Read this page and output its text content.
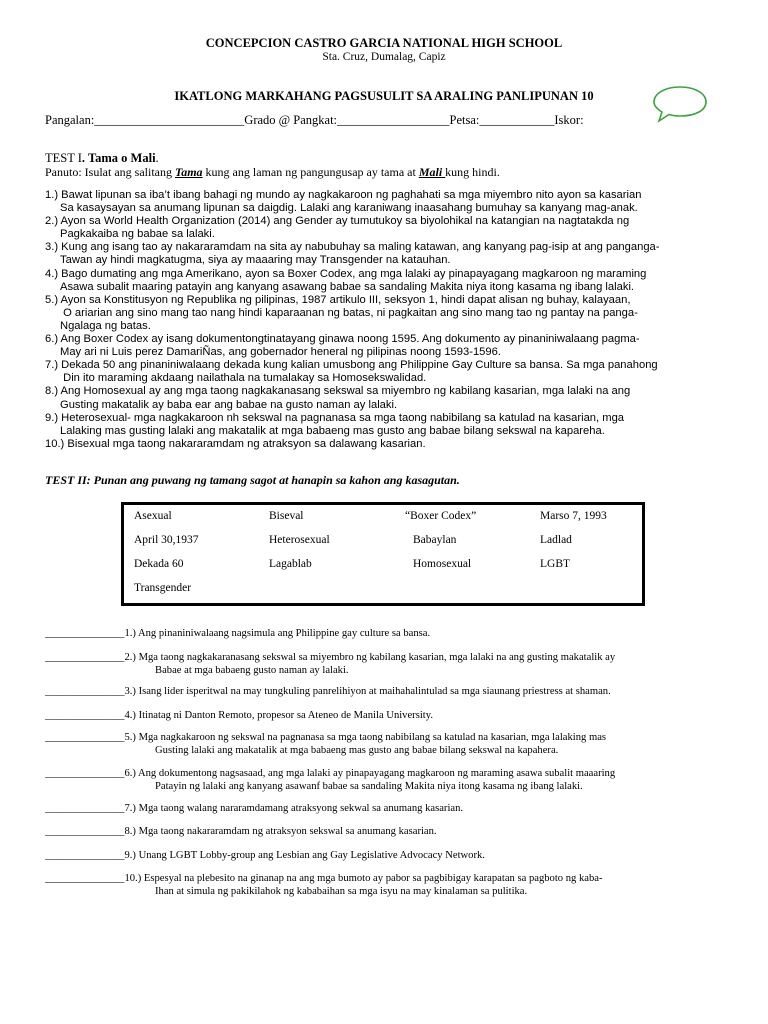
CONCEPCION CASTRO GARCIA NATIONAL HIGH SCHOOL
Sta. Cruz, Dumalag, Capiz
IKATLONG MARKAHANG PAGSUSULIT SA ARALING PANLIPUNAN 10
Pangalan:________________________Grado @ Pangkat:__________________Petsa:____________Iskor:
TEST I. Tama o Mali.
Panuto: Isulat ang salitang Tama kung ang laman ng pangungusap ay tama at Mali kung hindi.

1.) Bawat lipunan sa iba’t ibang bahagi ng mundo ay nagkakaroon ng paghahati sa mga miyembro nito ayon sa kasarian
Sa kasaysayan sa anumang lipunan sa daigdig. Lalaki ang karaniwang inaasahang bumuhay sa kanyang mag-anak.

2.) Ayon sa World Health Organization (2014) ang Gender ay tumutukoy sa biyolohikal na katangian na nagtatakda ng
Pagkakaiba ng babae sa lalaki.

3.) Kung ang isang tao ay nakararamdam na sita ay nabubuhay sa maling katawan, ang kanyang pag-isip at ang panganga-
Tawan ay hindi magkatugma, siya ay maaaring may Transgender na katauhan.

4.) Bago dumating ang mga Amerikano, ayon sa Boxer Codex, ang mga lalaki ay pinapayagang magkaroon ng maraming
Asawa subalit maaring patayin ang kanyang asawang babae sa sandaling Makita niya itong kasama ng ibang lalaki.

5.) Ayon sa Konstitusyon ng Republika ng pilipinas, 1987 artikulo III, seksyon 1, hindi dapat alisan ng buhay, kalayaan,
O ariarian ang sino mang tao nang hindi kaparaanan ng batas, ni pagkaitan ang sino mang tao ng pantay na panga-
Ngalaga ng batas.

6.) Ang Boxer Codex ay isang dokumentongtinatayang ginawa noong 1595. Ang dokumento ay pinaniniwalaang pagma-
May ari ni Luis perez DamariÑas, ang gobernador heneral ng pilipinas noong 1593-1596.

7.) Dekada 50 ang pinaniniwalaang dekada kung kalian umusbong ang Philippine Gay Culture sa bansa. Sa mga panahong
Din ito maraming akdaang nailathala na tumalakay sa Homosekswalidad.

8.) Ang Homosexual ay ang mga taong nagkakanasang sekswal sa miyembro ng kabilang kasarian, mga lalaki na ang
Gusting makatalik ay baba ear ang babae na gusto naman ay lalaki.

9.) Heterosexual- mga nagkakaroon nh sekswal na pagnanasa sa mga taong nabibilang sa katulad na kasarian, mga
Lalaking mas gusting lalaki ang makatalik at mga babaeng mas gusto ang babae bilang sekswal na kapareha.

10.) Bisexual mga taong nakararamdam ng atraksyon sa dalawang kasarian.

TEST II: Punan ang puwang ng tamang sagot at hanapin sa kahon ang kasagutan.
Asexual	Biseval	“Boxer Codex”	Marso 7, 1993
April 30,1937	Heterosexual	Babaylan	Ladlad
Dekada 60	Lagablab	Homosexual	LGBT
Transgender
_______________1.) Ang pinaniniwalaang nagsimula ang Philippine gay culture sa bansa.
_______________2.) Mga taong nagkakaranasang sekswal sa miyembro ng kabilang kasarian, mga lalaki na ang gusting makatalik ay
Babae at mga babaeng gusto naman ay lalaki.
_______________3.) Isang lider isperitwal na may tungkuling panrelihiyon at maihahalintulad sa mga siaunang priestress at shaman.
_______________4.) Itinatag ni Danton Remoto, propesor sa Ateneo de Manila University.
_______________5.) Mga nagkakaroon ng sekswal na pagnanasa sa mga taong nabibilang sa katulad na kasarian, mga lalaking mas
Gusting lalaki ang makatalik at mga babaeng mas gusto ang babae bilang sekswal na kapahera.
_______________6.) Ang dokumentong nagsasaad, ang mga lalaki ay pinapayagang magkaroon ng maraming asawa subalit maaaring
Patayin ng lalaki ang kanyang asawanf babae sa sandaling Makita niya itong kasama ng ibang lalaki.
_______________7.) Mga taong walang nararamdamang atraksyong sekwal sa anumang kasarian.
_______________8.) Mga taong nakararamdam ng atraksyon sekswal sa anumang kasarian.
_______________9.) Unang LGBT Lobby-group ang Lesbian ang Gay Legislative Advocacy Network.
_______________10.) Espesyal na plebesito na ginanap na ang mga bumoto ay pabor sa pagbibigay karapatan sa pagboto ng kaba-
Ihan at simula ng pakikilahok ng kababaihan sa mga isyu na may kinalaman sa pulitika.
